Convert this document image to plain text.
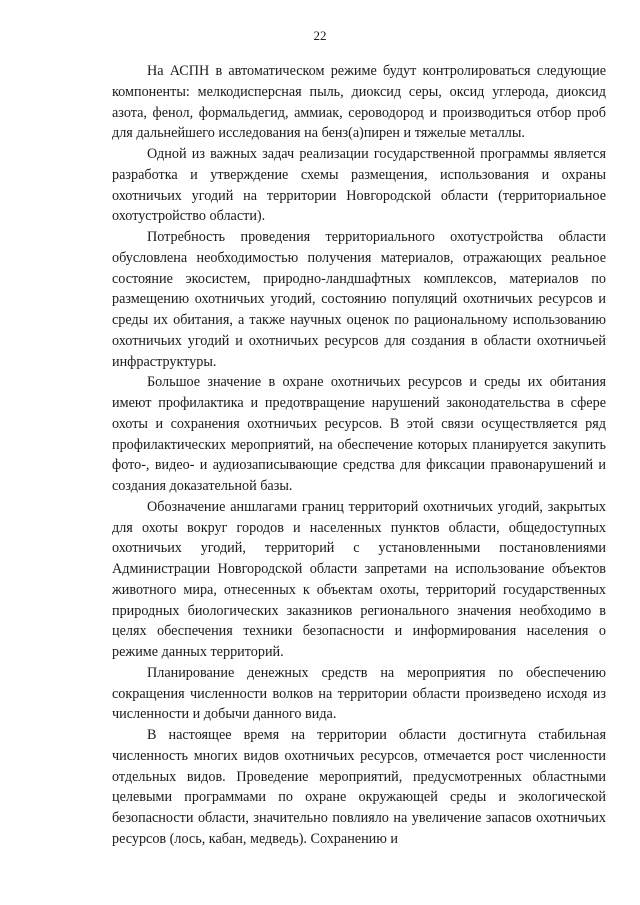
22

На АСПН в автоматическом режиме будут контролироваться следующие компоненты: мелкодисперсная пыль, диоксид серы, оксид углерода, диоксид азота, фенол, формальдегид, аммиак, сероводород и производиться отбор проб для дальнейшего исследования на бенз(а)пирен и тяжелые металлы.

Одной из важных задач реализации государственной программы является разработка и утверждение схемы размещения, использования и охраны охотничьих угодий на территории Новгородской области (территориальное охотустройство области).

Потребность проведения территориального охотустройства области обусловлена необходимостью получения материалов, отражающих реальное состояние экосистем, природно-ландшафтных комплексов, материалов по размещению охотничьих угодий, состоянию популяций охотничьих ресурсов и среды их обитания, а также научных оценок по рациональному использованию охотничьих угодий и охотничьих ресурсов для создания в области охотничьей инфраструктуры.

Большое значение в охране охотничьих ресурсов и среды их обитания имеют профилактика и предотвращение нарушений законодательства в сфере охоты и сохранения охотничьих ресурсов. В этой связи осуществляется ряд профилактических мероприятий, на обеспечение которых планируется закупить фото-, видео- и аудиозаписывающие средства для фиксации правонарушений и создания доказательной базы.

Обозначение аншлагами границ территорий охотничьих угодий, закрытых для охоты вокруг городов и населенных пунктов области, общедоступных охотничьих угодий, территорий с установленными постановлениями Администрации Новгородской области запретами на использование объектов животного мира, отнесенных к объектам охоты, территорий государственных природных биологических заказников регионального значения необходимо в целях обеспечения техники безопасности и информирования населения о режиме данных территорий.

Планирование денежных средств на мероприятия по обеспечению сокращения численности волков на территории области произведено исходя из численности и добычи данного вида.

В настоящее время на территории области достигнута стабильная численность многих видов охотничьих ресурсов, отмечается рост численности отдельных видов. Проведение мероприятий, предусмотренных областными целевыми программами по охране окружающей среды и экологической безопасности области, значительно повлияло на увеличение запасов охотничьих ресурсов (лось, кабан, медведь). Сохранению и
